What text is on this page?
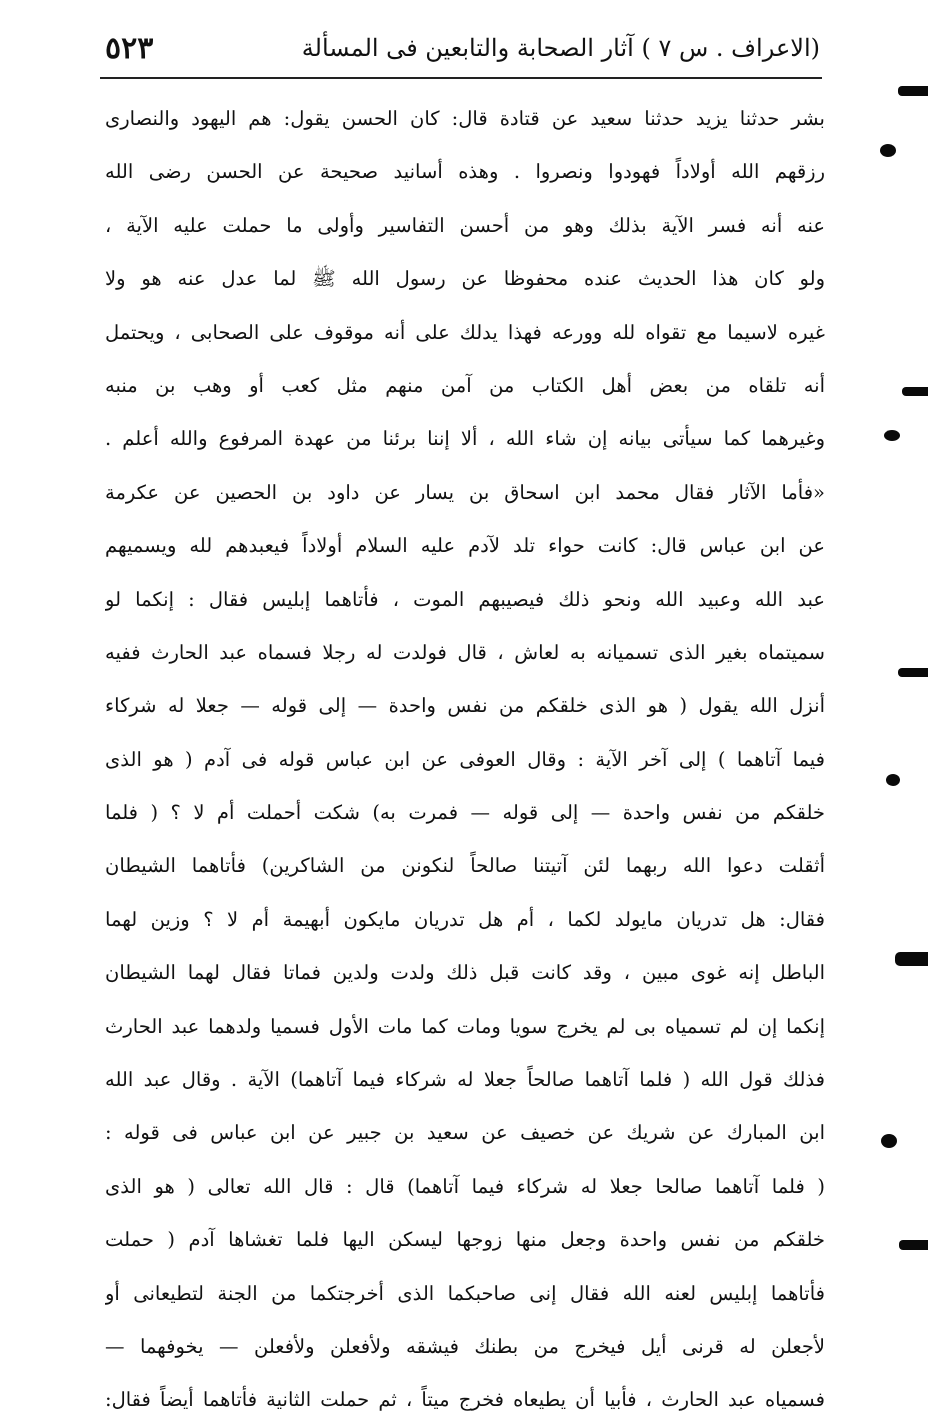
٥٢٣	(الاعراف . س ٧ ) آثار الصحابة والتابعين فى المسألة
بشر حدثنا يزيد حدثنا سعيد عن قتادة قال: كان الحسن يقول: هم اليهود والنصارى
رزقهم الله أولاداً فهودوا ونصروا . وهذه أسانيد صحيحة عن الحسن رضى الله
عنه أنه فسر الآية بذلك وهو من أحسن التفاسير وأولى ما حملت عليه الآية ،
ولو كان هذا الحديث عنده محفوظا عن رسول الله ﷺ لما عدل عنه هو ولا
غيره لاسيما مع تقواه لله وورعه فهذا يدلك على أنه موقوف على الصحابى ، ويحتمل
أنه تلقاه من بعض أهل الكتاب من آمن منهم مثل كعب أو وهب بن منبه
وغيرهما كما سيأتى بيانه إن شاء الله ، ألا إننا برئنا من عهدة المرفوع والله أعلم .
«فأما الآثار فقال محمد ابن اسحاق بن يسار عن داود بن الحصين عن عكرمة
عن ابن عباس قال: كانت حواء تلد لآدم عليه السلام أولاداً فيعبدهم لله ويسميهم
عبد الله وعبيد الله ونحو ذلك فيصيبهم الموت ، فأتاهما إبليس فقال : إنكما لو
سميتماه بغير الذى تسميانه به لعاش ، قال فولدت له رجلا فسماه عبد الحارث ففيه
أنزل الله يقول ( هو الذى خلقكم من نفس واحدة — إلى قوله — جعلا له شركاء
فيما آتاهما ) إلى آخر الآية : وقال العوفى عن ابن عباس قوله فى آدم ( هو الذى
خلقكم من نفس واحدة — إلى قوله — فمرت به) شكت أحملت أم لا ؟ ( فلما
أثقلت دعوا الله ربهما لئن آتيتنا صالحاً لنكونن من الشاكرين) فأتاهما الشيطان
فقال: هل تدريان مايولد لكما ، أم هل تدريان مايكون أبهيمة أم لا ؟ وزين لهما
الباطل إنه غوى مبين ، وقد كانت قبل ذلك ولدت ولدين فماتا فقال لهما الشيطان
إنكما إن لم تسمياه بى لم يخرج سويا ومات كما مات الأول فسميا ولدهما عبد الحارث
فذلك قول الله ( فلما آتاهما صالحاً جعلا له شركاء فيما آتاهما) الآية . وقال عبد الله
ابن المبارك عن شريك عن خصيف عن سعيد بن جبير عن ابن عباس فى قوله :
( فلما آتاهما صالحا جعلا له شركاء فيما آتاهما) قال : قال الله تعالى ( هو الذى
خلقكم من نفس واحدة وجعل منها زوجها ليسكن اليها فلما تغشاها آدم ( حملت
فأتاهما إبليس لعنه الله فقال إنى صاحبكما الذى أخرجتكما من الجنة لتطيعانى أو
لأجعلن له قرنى أيل فيخرج من بطنك فيشقه ولأفعلن ولأفعلن — يخوفهما —
فسمياه عبد الحارث ، فأبيا أن يطيعاه فخرج ميتاً ، ثم حملت الثانية فأتاهما أيضاً فقال:
